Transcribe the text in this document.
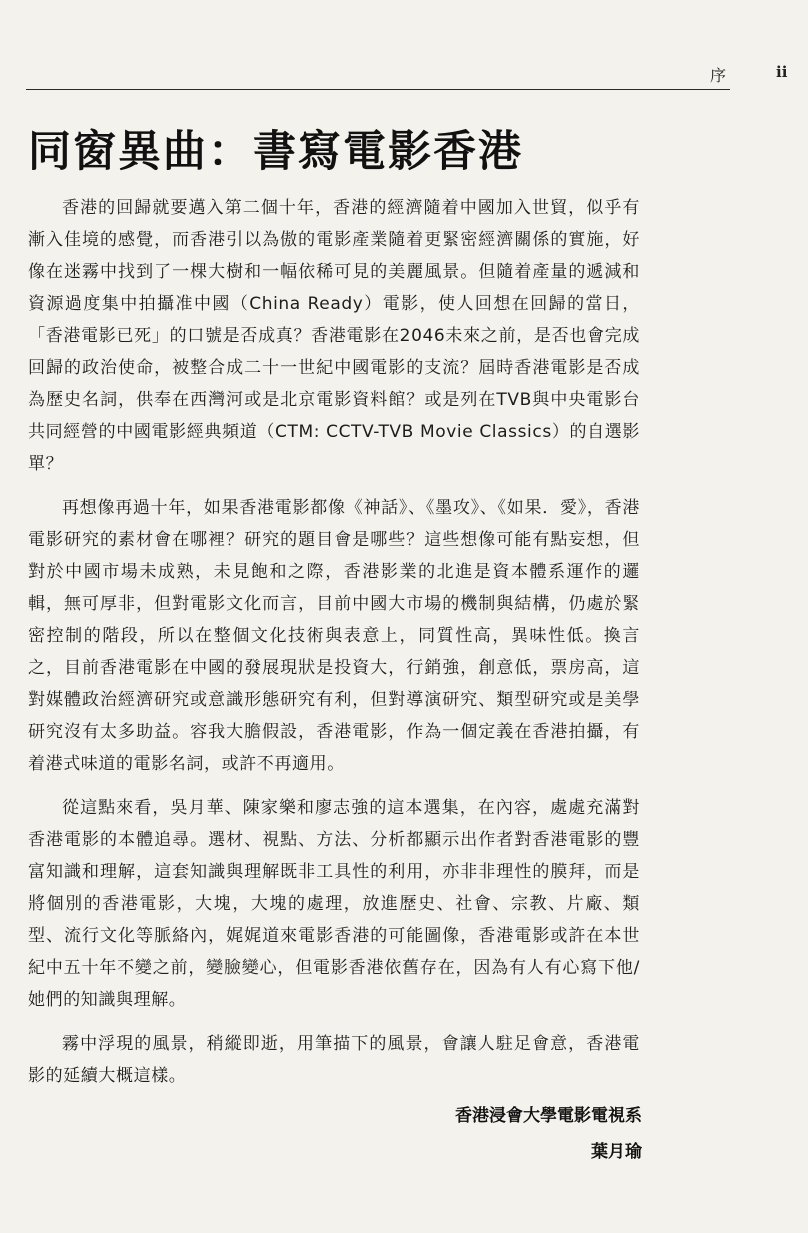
序	ii
同窗異曲：書寫電影香港

香港的回歸就要邁入第二個十年，香港的經濟隨着中國加入世貿，似乎有漸入佳境的感覺，而香港引以為傲的電影產業隨着更緊密經濟關係的實施，好像在迷霧中找到了一棵大樹和一幅依稀可見的美麗風景。但隨着產量的遞減和資源過度集中拍攝准中國（China Ready）電影，使人回想在回歸的當日，「香港電影已死」的口號是否成真？香港電影在2046未來之前，是否也會完成回歸的政治使命，被整合成二十一世紀中國電影的支流？屆時香港電影是否成為歷史名詞，供奉在西灣河或是北京電影資料館？或是列在TVB與中央電影台共同經營的中國電影經典頻道（CTM: CCTV-TVB Movie Classics）的自選影單？

再想像再過十年，如果香港電影都像《神話》、《墨攻》、《如果．愛》，香港電影研究的素材會在哪裡？研究的題目會是哪些？這些想像可能有點妄想，但對於中國市場未成熟，未見飽和之際，香港影業的北進是資本體系運作的邏輯，無可厚非，但對電影文化而言，目前中國大市場的機制與結構，仍處於緊密控制的階段，所以在整個文化技術與表意上，同質性高，異味性低。換言之，目前香港電影在中國的發展現狀是投資大，行銷強，創意低，票房高，這對媒體政治經濟研究或意識形態研究有利，但對導演研究、類型研究或是美學研究沒有太多助益。容我大膽假設，香港電影，作為一個定義在香港拍攝，有着港式味道的電影名詞，或許不再適用。

從這點來看，吳月華、陳家樂和廖志強的這本選集，在內容，處處充滿對香港電影的本體追尋。選材、視點、方法、分析都顯示出作者對香港電影的豐富知識和理解，這套知識與理解既非工具性的利用，亦非非理性的膜拜，而是將個別的香港電影，大塊，大塊的處理，放進歷史、社會、宗教、片廠、類型、流行文化等脈絡內，娓娓道來電影香港的可能圖像，香港電影或許在本世紀中五十年不變之前，變臉變心，但電影香港依舊存在，因為有人有心寫下他/她們的知識與理解。

霧中浮現的風景，稍縱即逝，用筆描下的風景，會讓人駐足會意，香港電影的延續大概這樣。

香港浸會大學電影電視系
葉月瑜
